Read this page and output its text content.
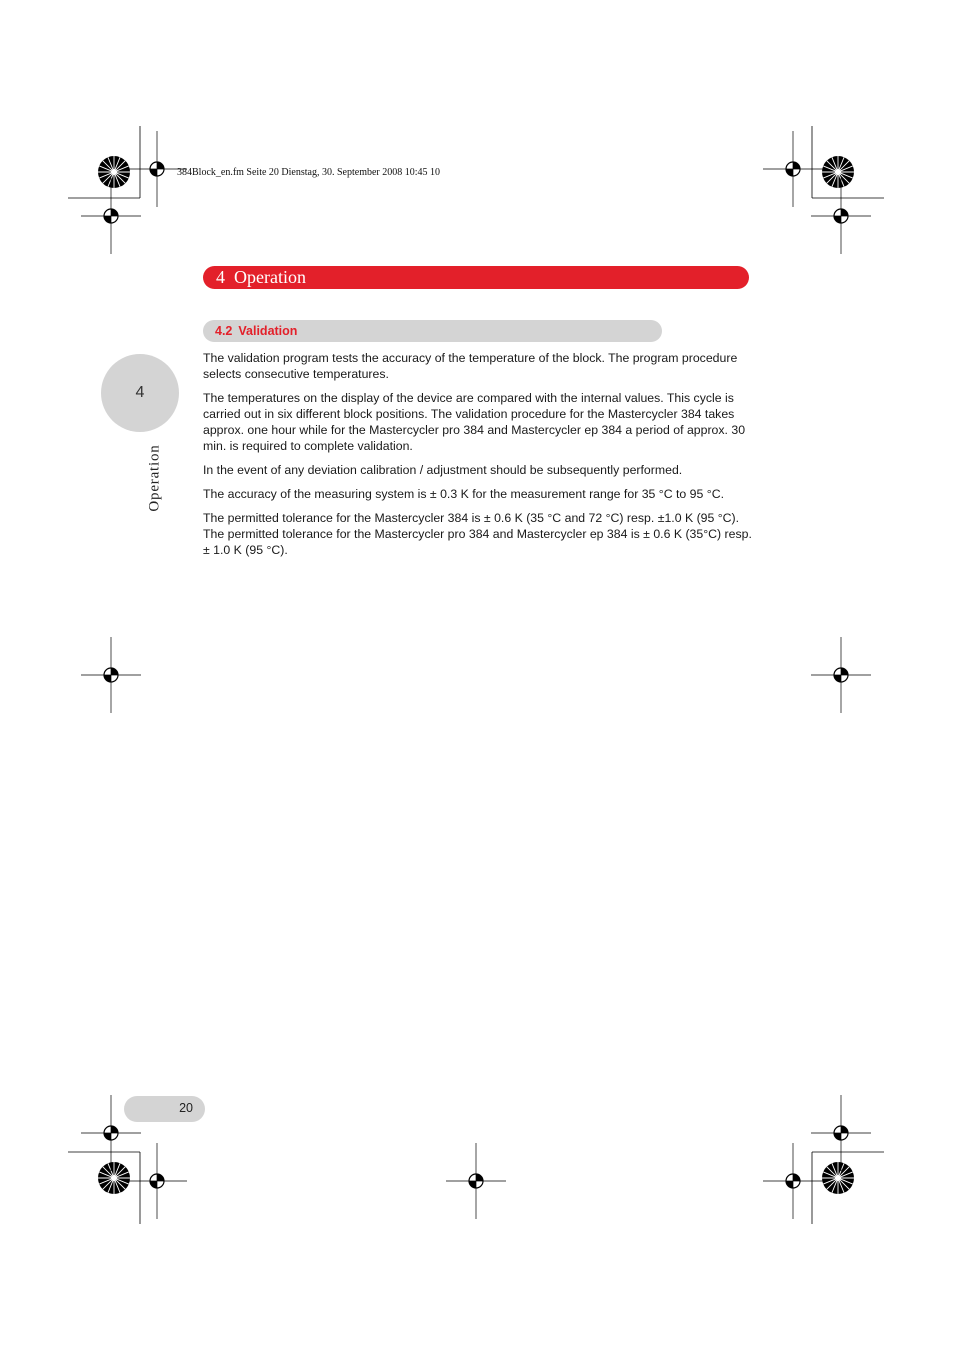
384Block_en.fm Seite 20 Dienstag, 30. September 2008 10:45 10
4 Operation
4.2 Validation
4
Operation

The validation program tests the accuracy of the temperature of the block. The program procedure selects consecutive temperatures.

The temperatures on the display of the device are compared with the internal values. This cycle is carried out in six different block positions. The validation procedure for the Mastercycler 384 takes approx. one hour while for the Mastercycler pro 384 and Mastercycler ep 384 a period of approx. 30 min. is required to complete validation.

In the event of any deviation calibration / adjustment should be subsequently performed.

The accuracy of the measuring system is ± 0.3 K for the measurement range for 35 °C to 95 °C.

The permitted tolerance for the Mastercycler 384 is ± 0.6 K (35 °C and 72 °C) resp. ±1.0 K (95 °C).

The permitted tolerance for the Mastercycler pro 384 and Mastercycler ep 384 is ± 0.6 K (35°C) resp. ± 1.0 K (95 °C).

20
